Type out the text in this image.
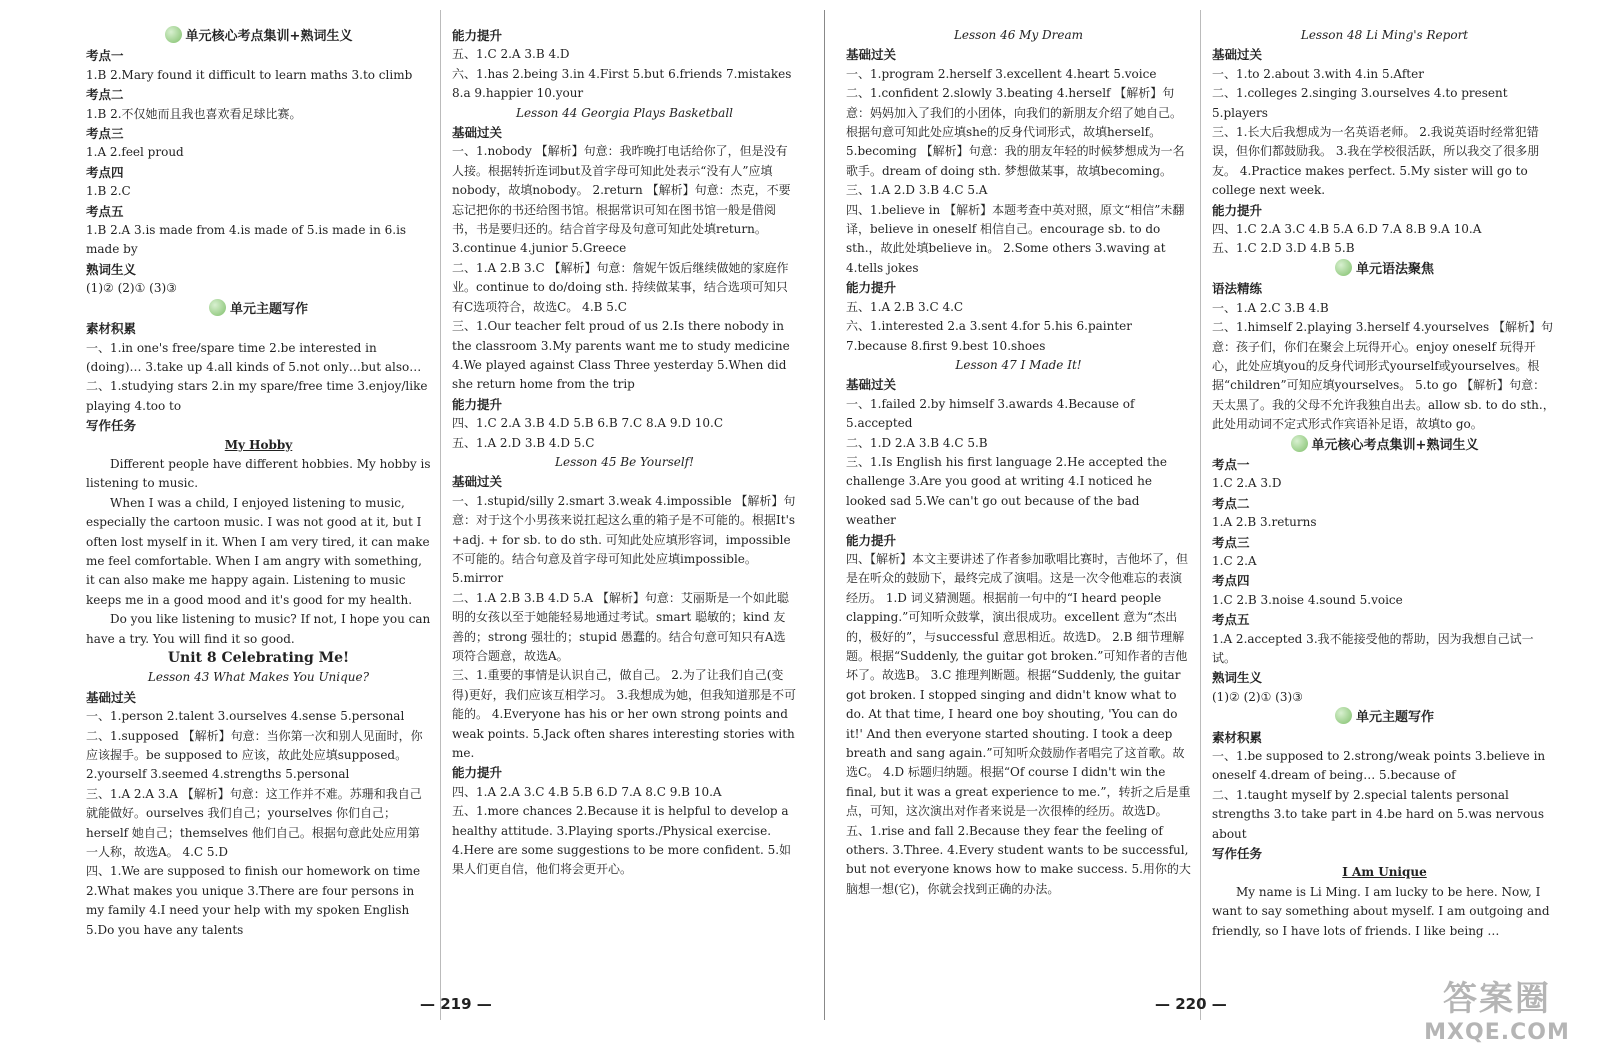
单元核心考点集训+熟词生义

考点一

1.B 2.Mary found it difficult to learn maths 3.to climb

考点二

1.B 2.不仅她而且我也喜欢看足球比赛。

考点三

1.A 2.feel proud

考点四

1.B 2.C

考点五

1.B 2.A 3.is made from 4.is made of 5.is made in 6.is made by

熟词生义

(1)② (2)① (3)③

单元主题写作

素材积累

一、1.in one's free/spare time 2.be interested in (doing)… 3.take up 4.all kinds of 5.not only…but also…

二、1.studying stars 2.in my spare/free time 3.enjoy/like playing 4.too to

写作任务

My Hobby

Different people have different hobbies. My hobby is listening to music.

When I was a child, I enjoyed listening to music, especially the cartoon music. I was not good at it, but I often lost myself in it. When I am very tired, it can make me feel comfortable. When I am angry with something, it can also make me happy again. Listening to music keeps me in a good mood and it's good for my health.

Do you like listening to music? If not, I hope you can have a try. You will find it so good.

Unit 8 Celebrating Me!

Lesson 43 What Makes You Unique?

基础过关

一、1.person 2.talent 3.ourselves 4.sense 5.personal

二、1.supposed 【解析】句意：当你第一次和别人见面时，你应该握手。be supposed to 应该，故此处应填supposed。 2.yourself 3.seemed 4.strengths 5.personal

三、1.A 2.A 3.A 【解析】句意：这工作并不难。苏珊和我自己就能做好。ourselves 我们自己；yourselves 你们自己；herself 她自己；themselves 他们自己。根据句意此处应用第一人称，故选A。 4.C 5.D

四、1.We are supposed to finish our homework on time 2.What makes you unique 3.There are four persons in my family 4.I need your help with my spoken English 5.Do you have any talents

能力提升

五、1.C 2.A 3.B 4.D

六、1.has 2.being 3.in 4.First 5.but 6.friends 7.mistakes 8.a 9.happier 10.your

Lesson 44 Georgia Plays Basketball

基础过关

一、1.nobody 【解析】句意：我昨晚打电话给你了，但是没有人接。根据转折连词but及首字母可知此处表示“没有人”应填nobody，故填nobody。 2.return 【解析】句意：杰克，不要忘记把你的书还给图书馆。根据常识可知在图书馆一般是借阅书，书是要归还的。结合首字母及句意可知此处填return。 3.continue 4.junior 5.Greece

二、1.A 2.B 3.C 【解析】句意：詹妮午饭后继续做她的家庭作业。continue to do/doing sth. 持续做某事，结合选项可知只有C选项符合，故选C。 4.B 5.C

三、1.Our teacher felt proud of us 2.Is there nobody in the classroom 3.My parents want me to study medicine 4.We played against Class Three yesterday 5.When did she return home from the trip

能力提升

四、1.C 2.A 3.B 4.D 5.B 6.B 7.C 8.A 9.D 10.C

五、1.A 2.D 3.B 4.D 5.C

Lesson 45 Be Yourself!

基础过关

一、1.stupid/silly 2.smart 3.weak 4.impossible 【解析】句意：对于这个小男孩来说扛起这么重的箱子是不可能的。根据It's +adj. + for sb. to do sth. 可知此处应填形容词，impossible 不可能的。结合句意及首字母可知此处应填impossible。 5.mirror

二、1.A 2.B 3.B 4.D 5.A 【解析】句意：艾丽斯是一个如此聪明的女孩以至于她能轻易地通过考试。smart 聪敏的；kind 友善的；strong 强壮的；stupid 愚蠢的。结合句意可知只有A选项符合题意，故选A。

三、1.重要的事情是认识自己，做自己。 2.为了让我们自己(变得)更好，我们应该互相学习。 3.我想成为她，但我知道那是不可能的。 4.Everyone has his or her own strong points and weak points. 5.Jack often shares interesting stories with me.

能力提升

四、1.A 2.A 3.C 4.B 5.B 6.D 7.A 8.C 9.B 10.A

五、1.more chances 2.Because it is helpful to develop a healthy attitude. 3.Playing sports./Physical exercise. 4.Here are some suggestions to be more confident. 5.如果人们更自信，他们将会更开心。

Lesson 46 My Dream

基础过关

一、1.program 2.herself 3.excellent 4.heart 5.voice

二、1.confident 2.slowly 3.beating 4.herself 【解析】句意：妈妈加入了我们的小团体，向我们的新朋友介绍了她自己。根据句意可知此处应填she的反身代词形式，故填herself。 5.becoming 【解析】句意：我的朋友年轻的时候梦想成为一名歌手。dream of doing sth. 梦想做某事，故填becoming。

三、1.A 2.D 3.B 4.C 5.A

四、1.believe in 【解析】本题考查中英对照，原文“相信”未翻译，believe in oneself 相信自己。encourage sb. to do sth.，故此处填believe in。 2.Some others 3.waving at 4.tells jokes

能力提升

五、1.A 2.B 3.C 4.C

六、1.interested 2.a 3.sent 4.for 5.his 6.painter 7.because 8.first 9.best 10.shoes

Lesson 47 I Made It!

基础过关

一、1.failed 2.by himself 3.awards 4.Because of 5.accepted

二、1.D 2.A 3.B 4.C 5.B

三、1.Is English his first language 2.He accepted the challenge 3.Are you good at writing 4.I noticed he looked sad 5.We can't go out because of the bad weather

能力提升

四、【解析】本文主要讲述了作者参加歌唱比赛时，吉他坏了，但是在听众的鼓励下，最终完成了演唱。这是一次令他难忘的表演经历。 1.D 词义猜测题。根据前一句中的“I heard people clapping.”可知听众鼓掌，演出很成功。excellent 意为“杰出的，极好的”，与successful 意思相近。故选D。 2.B 细节理解题。根据“Suddenly, the guitar got broken.”可知作者的吉他坏了。故选B。 3.C 推理判断题。根据“Suddenly, the guitar got broken. I stopped singing and didn't know what to do. At that time, I heard one boy shouting, 'You can do it!' And then everyone started shouting. I took a deep breath and sang again.”可知听众鼓励作者唱完了这首歌。故选C。 4.D 标题归纳题。根据“Of course I didn't win the final, but it was a great experience to me.”，转折之后是重点，可知，这次演出对作者来说是一次很棒的经历。故选D。

五、1.rise and fall 2.Because they fear the feeling of others. 3.Three. 4.Every student wants to be successful, but not everyone knows how to make success. 5.用你的大脑想一想(它)，你就会找到正确的办法。

Lesson 48 Li Ming's Report

基础过关

一、1.to 2.about 3.with 4.in 5.After

二、1.colleges 2.singing 3.ourselves 4.to present 5.players

三、1.长大后我想成为一名英语老师。 2.我说英语时经常犯错误，但你们都鼓励我。 3.我在学校很活跃，所以我交了很多朋友。 4.Practice makes perfect. 5.My sister will go to college next week.

能力提升

四、1.C 2.A 3.C 4.B 5.A 6.D 7.A 8.B 9.A 10.A

五、1.C 2.D 3.D 4.B 5.B

单元语法聚焦

语法精练

一、1.A 2.C 3.B 4.B

二、1.himself 2.playing 3.herself 4.yourselves 【解析】句意：孩子们，你们在聚会上玩得开心。enjoy oneself 玩得开心，此处应填you的反身代词形式yourself或yourselves。根据“children”可知应填yourselves。 5.to go 【解析】句意：天太黑了。我的父母不允许我独自出去。allow sb. to do sth.，此处用动词不定式形式作宾语补足语，故填to go。

单元核心考点集训+熟词生义

考点一

1.C 2.A 3.D

考点二

1.A 2.B 3.returns

考点三

1.C 2.A

考点四

1.C 2.B 3.noise 4.sound 5.voice

考点五

1.A 2.accepted 3.我不能接受他的帮助，因为我想自己试一试。

熟词生义

(1)② (2)① (3)③

单元主题写作

素材积累

一、1.be supposed to 2.strong/weak points 3.believe in oneself 4.dream of being… 5.because of

二、1.taught myself by 2.special talents personal strengths 3.to take part in 4.be hard on 5.was nervous about

写作任务

I Am Unique

My name is Li Ming. I am lucky to be here. Now, I want to say something about myself. I am outgoing and friendly, so I have lots of friends. I like being …

— 219 —	— 220 —	答案圈
MXQE.COM
